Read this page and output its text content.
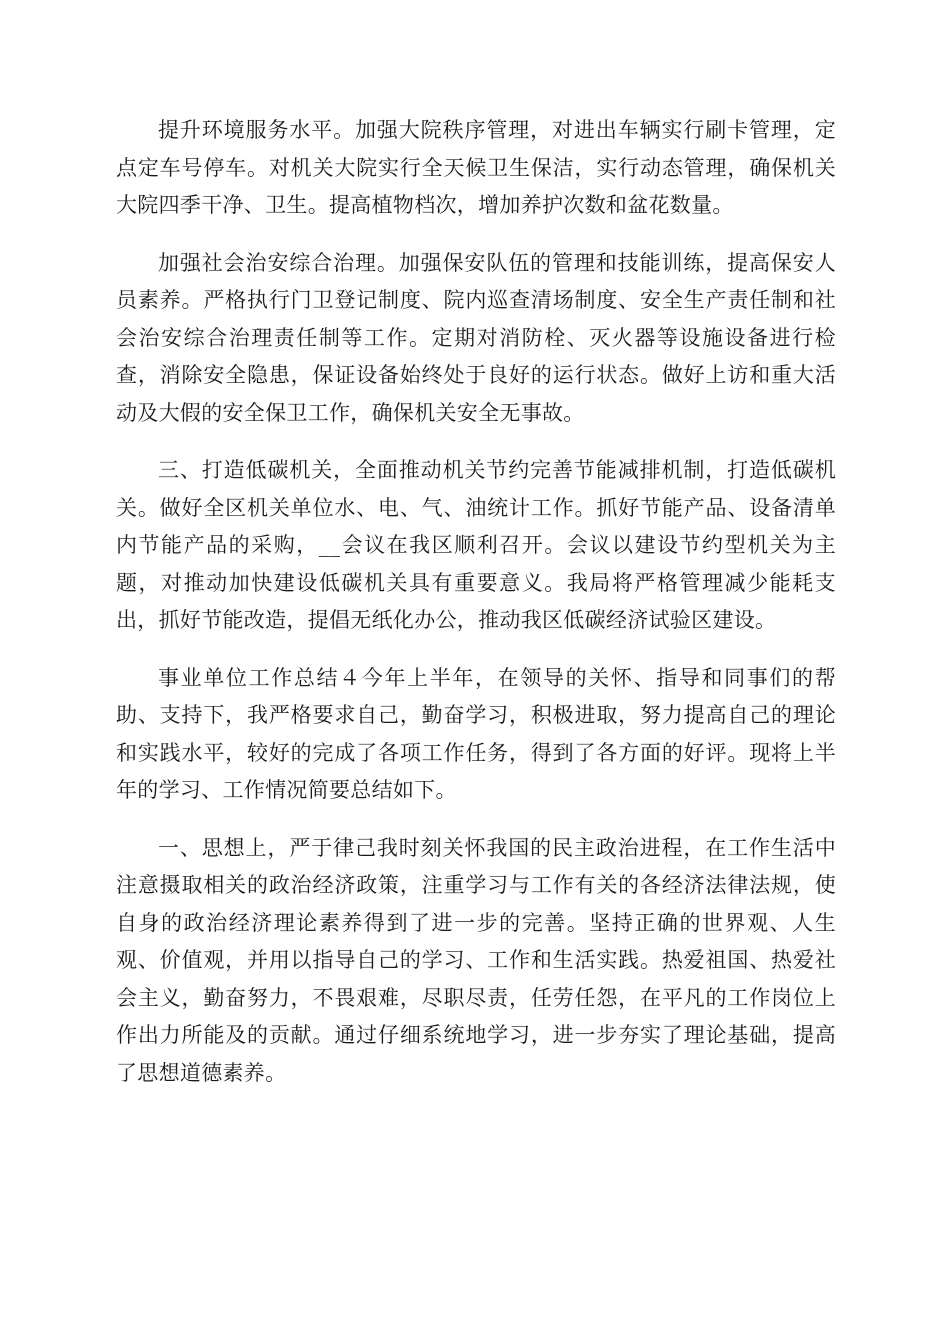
提升环境服务水平。加强大院秩序管理，对进出车辆实行刷卡管理，定点定车号停车。对机关大院实行全天候卫生保洁，实行动态管理，确保机关大院四季干净、卫生。提高植物档次，增加养护次数和盆花数量。

加强社会治安综合治理。加强保安队伍的管理和技能训练，提高保安人员素养。严格执行门卫登记制度、院内巡查清场制度、安全生产责任制和社会治安综合治理责任制等工作。定期对消防栓、灭火器等设施设备进行检查，消除安全隐患，保证设备始终处于良好的运行状态。做好上访和重大活动及大假的安全保卫工作，确保机关安全无事故。

三、打造低碳机关，全面推动机关节约完善节能减排机制，打造低碳机关。做好全区机关单位水、电、气、油统计工作。抓好节能产品、设备清单内节能产品的采购，__会议在我区顺利召开。会议以建设节约型机关为主题，对推动加快建设低碳机关具有重要意义。我局将严格管理减少能耗支出，抓好节能改造，提倡无纸化办公，推动我区低碳经济试验区建设。

事业单位工作总结４今年上半年，在领导的关怀、指导和同事们的帮助、支持下，我严格要求自己，勤奋学习，积极进取，努力提高自己的理论和实践水平，较好的完成了各项工作任务，得到了各方面的好评。现将上半年的学习、工作情况简要总结如下。

一、思想上，严于律己我时刻关怀我国的民主政治进程，在工作生活中注意摄取相关的政治经济政策，注重学习与工作有关的各经济法律法规，使自身的政治经济理论素养得到了进一步的完善。坚持正确的世界观、人生观、价值观，并用以指导自己的学习、工作和生活实践。热爱祖国、热爱社会主义，勤奋努力，不畏艰难，尽职尽责，任劳任怨，在平凡的工作岗位上作出力所能及的贡献。通过仔细系统地学习，进一步夯实了理论基础，提高了思想道德素养。
